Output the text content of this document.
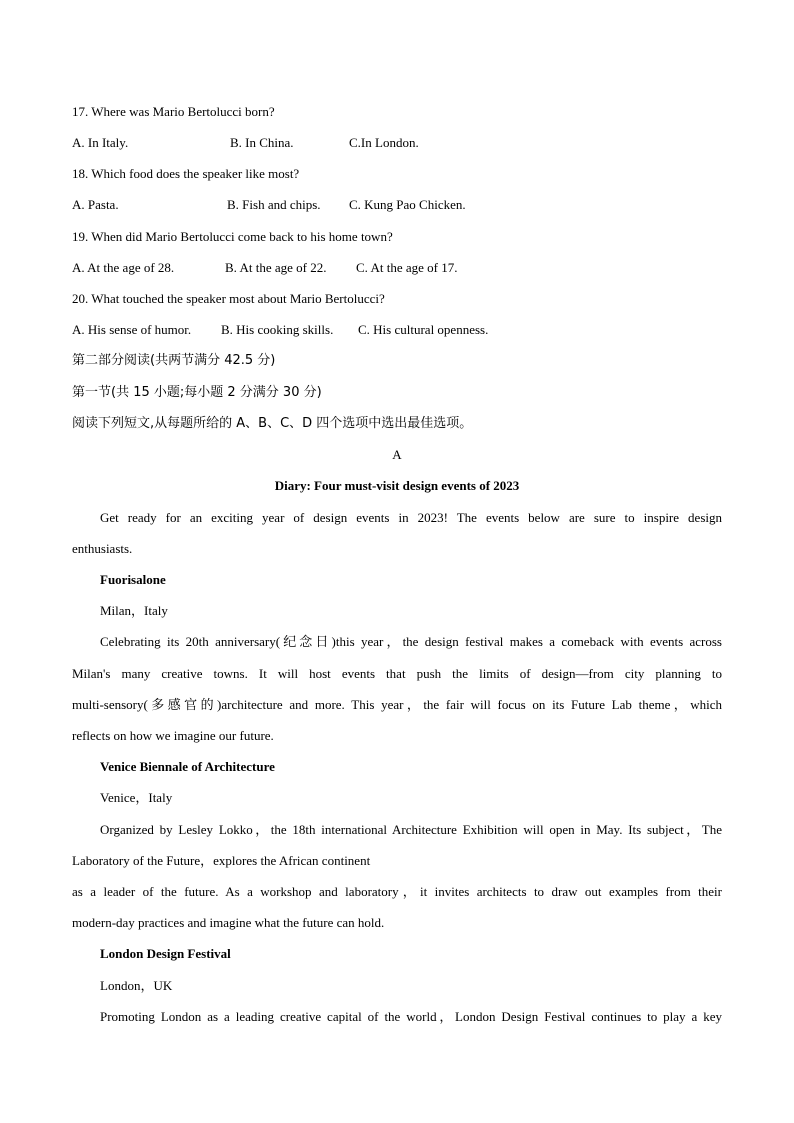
17. Where was Mario Bertolucci born?
A. In Italy.	B. In China.	C.In London.
18. Which food does the speaker like most?
A. Pasta.	B. Fish and chips. C. Kung Pao Chicken.
19. When did Mario Bertolucci come back to his home town?
A. At the age of 28.	B. At the age of 22. C. At the age of 17.
20. What touched the speaker most about Mario Bertolucci?
A. His sense of humor. B. His cooking skills. C. His cultural openness.
第二部分阅读(共两节满分 42.5 分)
第一节(共 15 小题;每小题 2 分满分 30 分)
阅读下列短文,从每题所给的 A、B、C、D 四个选项中选出最佳选项。
A
Diary: Four must-visit design events of 2023
Get ready for an exciting year of design events in 2023! The events below are sure to inspire design
enthusiasts.
Fuorisalone
Milan，Italy
Celebrating its 20th anniversary(纪念日)this year，the design festival makes a comeback with events across
Milan's many creative towns. It will host events that push the limits of design—from city planning to
multi-sensory(多感官的)architecture and more. This year，the fair will focus on its Future Lab theme，which
reflects on how we imagine our future.
Venice Biennale of Architecture
Venice，Italy
Organized by Lesley Lokko，the 18th international Architecture Exhibition will open in May. Its subject，The
Laboratory of the Future，explores the African continent
as a leader of the future. As a workshop and laboratory，it invites architects to draw out examples from their
modern-day practices and imagine what the future can hold.
London Design Festival
London，UK
Promoting London as a leading creative capital of the world，London Design Festival continues to play a key
